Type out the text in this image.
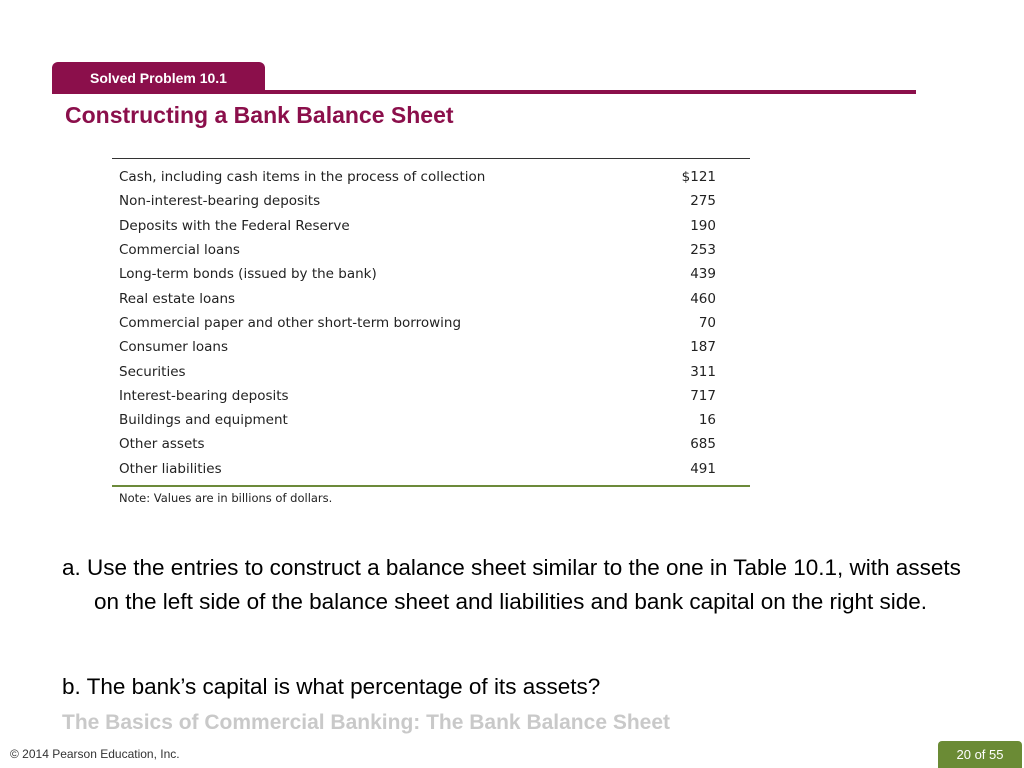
Solved Problem 10.1
Constructing a Bank Balance Sheet
Cash, including cash items in the process of collection	$121
Non-interest-bearing deposits	275
Deposits with the Federal Reserve	190
Commercial loans	253
Long-term bonds (issued by the bank)	439
Real estate loans	460
Commercial paper and other short-term borrowing	70
Consumer loans	187
Securities	311
Interest-bearing deposits	717
Buildings and equipment	16
Other assets	685
Other liabilities	491
Note: Values are in billions of dollars.
a. Use the entries to construct a balance sheet similar to the one in Table 10.1, with assets on the left side of the balance sheet and liabilities and bank capital on the right side.
b. The bank’s capital is what percentage of its assets?
The Basics of Commercial Banking: The Bank Balance Sheet
© 2014 Pearson Education, Inc.	20 of 55
